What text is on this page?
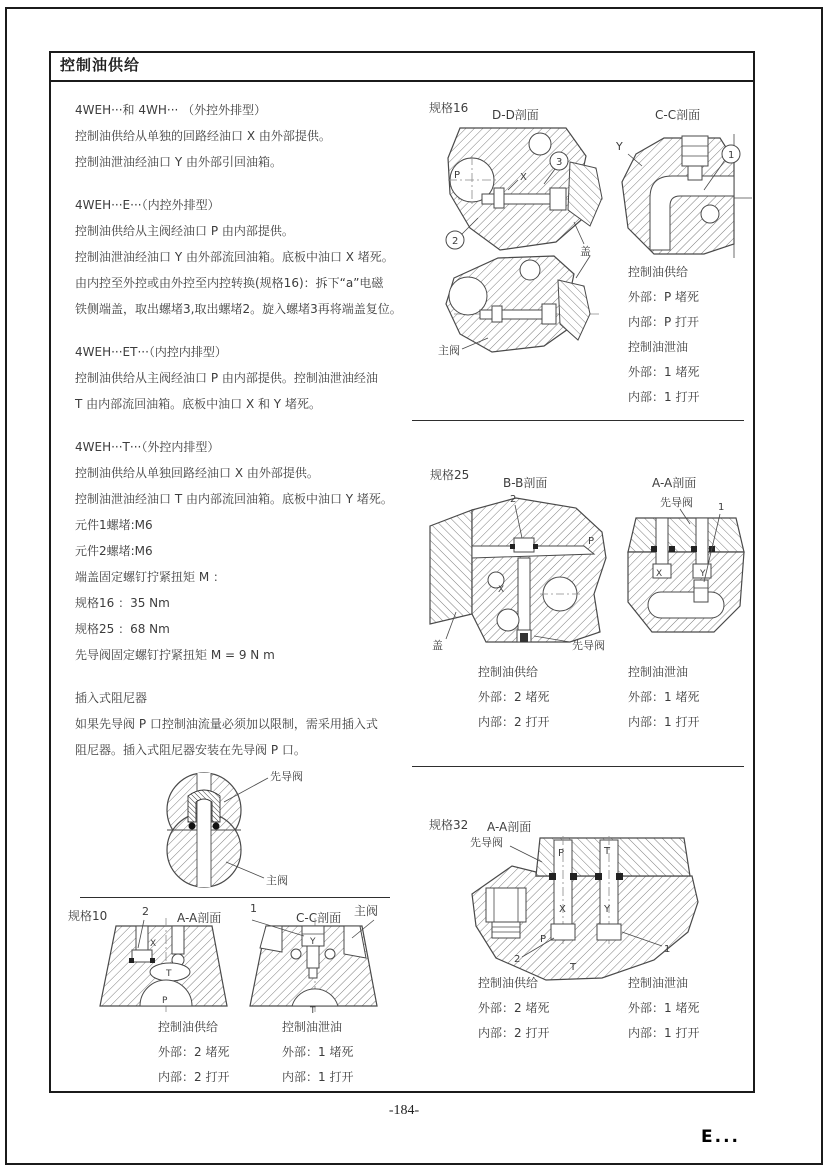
控制油供给
4WEH···和 4WH··· （外控外排型）
控制油供给从单独的回路经油口 X 由外部提供。
控制油泄油经油口 Y 由外部引回油箱。
4WEH···E···（内控外排型）
控制油供给从主阀经油口 P 由内部提供。
控制油泄油经油口 Y 由外部流回油箱。底板中油口 X 堵死。
由内控至外控或由外控至内控转换(规格16)：拆下“a”电磁
铁侧端盖，取出螺堵3,取出螺堵2。旋入螺堵3再将端盖复位。
4WEH···ET···（内控内排型）
控制油供给从主阀经油口 P 由内部提供。控制油泄油经油
T 由内部流回油箱。底板中油口 X 和 Y 堵死。
4WEH···T···（外控内排型）
控制油供给从单独回路经油口 X 由外部提供。
控制油泄油经油口 T 由内部流回油箱。底板中油口 Y 堵死。
元件1螺堵:M6
元件2螺堵:M6
端盖固定螺钉拧紧扭矩 M ：
规格16 ：35 Nm
规格25 ：68 Nm
先导阀固定螺钉拧紧扭矩 M = 9 N m
插入式阻尼器
如果先导阀 P 口控制油流量必须加以限制，需采用插入式
阻尼器。插入式阻尼器安装在先导阀 P 口。
规格16 D-D剖面	C-C剖面
P	X
3
2
盖
Y
1
主阀
控制油供给
外部：P 堵死
内部：P 打开
控制油泄油
外部：1 堵死
内部：1 打开
规格25
B-B剖面	A-A剖面
X
P
2
盖	先导阀
X	Y
先导阀	1
控制油供给
外部：2 堵死
内部：2 打开
控制油泄油
外部：1 堵死
内部：1 打开
先导阀
主阀
规格10	2 A-A剖面
1
C-C剖面 主阀
X
T
P
Y
T
控制油供给
外部：2 堵死
内部：2 打开
控制油泄油
外部：1 堵死
内部：1 打开
规格32 A-A剖面
P	T
X	Y
P
T
2
1
先导阀
控制油供给
外部：2 堵死
内部：2 打开
控制油泄油
外部：1 堵死
内部：1 打开
-184-
E...
